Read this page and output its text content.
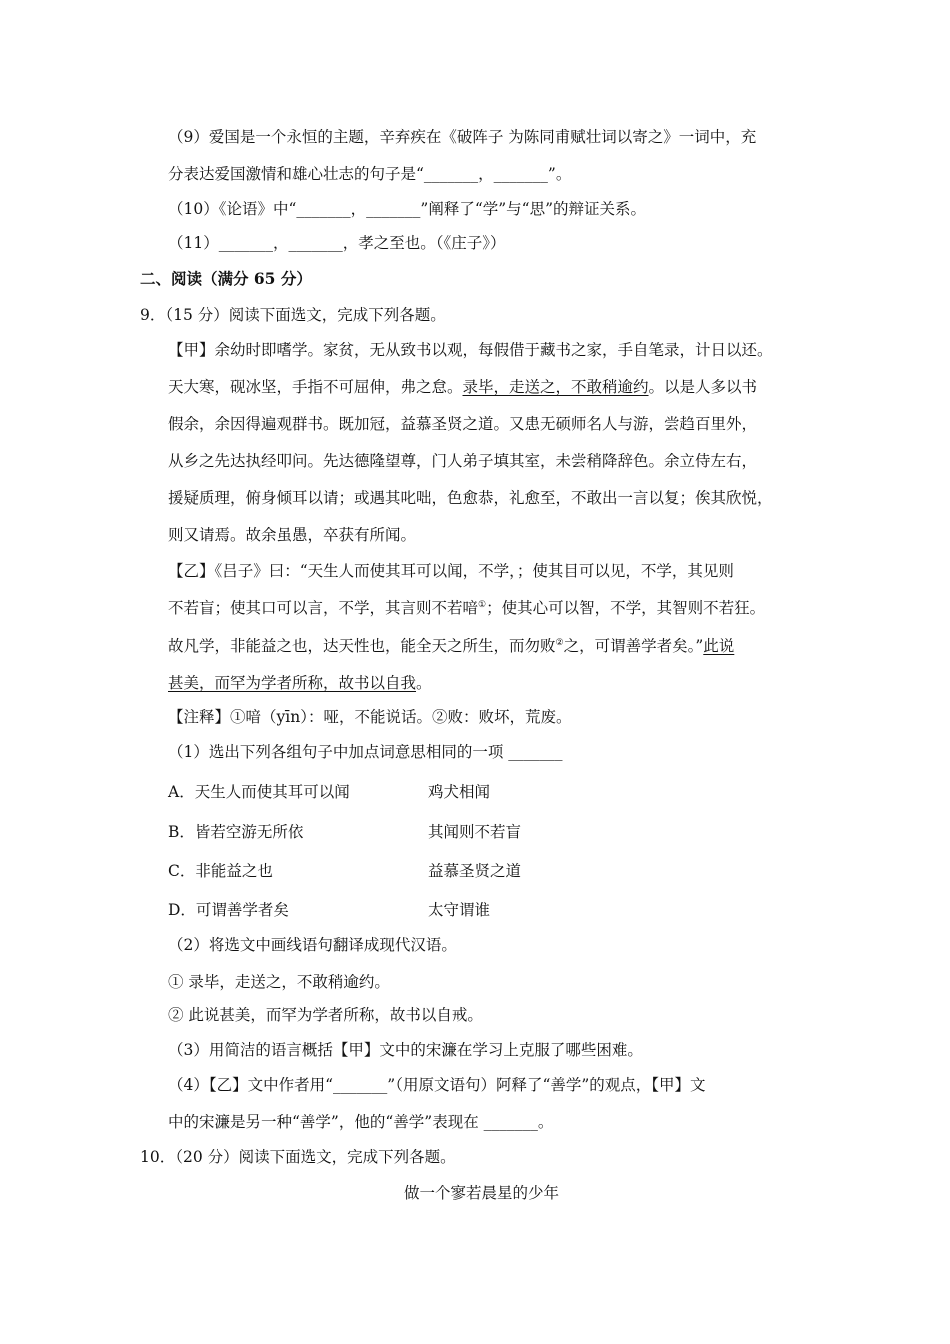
（9）爱国是一个永恒的主题，辛弃疾在《破阵子 为陈同甫赋壮词以寄之》一词中，充
分表达爱国激情和雄心壮志的句子是“_______，_______”。
（10）《论语》中“_______，_______”阐释了“学”与“思”的辩证关系。
（11）_______，_______，孝之至也。（《庄子》）
二、阅读（满分 65 分）
9．（15 分）阅读下面选文，完成下列各题。
【甲】余幼时即嗜学。家贫，无从致书以观，每假借于藏书之家，手自笔录，计日以还。
天大寒，砚冰坚，手指不可屈伸，弗之怠。录毕，走送之，不敢稍逾约。以是人多以书
假余，余因得遍观群书。既加冠，益慕圣贤之道。又患无硕师名人与游，尝趋百里外，
从乡之先达执经叩问。先达德隆望尊，门人弟子填其室，未尝稍降辞色。余立侍左右，
援疑质理，俯身倾耳以请；或遇其叱咄，色愈恭，礼愈至，不敢出一言以复；俟其欣悦，
则又请焉。故余虽愚，卒获有所闻。
【乙】《吕子》曰：“天生人而使其耳可以闻，不学，；使其目可以见，不学，其见则
不若盲；使其口可以言，不学，其言则不若喑①；使其心可以智，不学，其智则不若狂。
故凡学，非能益之也，达天性也，能全天之所生，而勿败②之，可谓善学者矣。”此说
甚美，而罕为学者所称，故书以自我。
【注释】①喑（yīn）：哑，不能说话。②败：败坏，荒废。
（1）选出下列各组句子中加点词意思相同的一项 _______
A．天生人而使其耳可以闻	鸡犬相闻
B．皆若空游无所依	其闻则不若盲
C．非能益之也	益慕圣贤之道
D．可谓善学者矣	太守谓谁
（2）将选文中画线语句翻译成现代汉语。
① 录毕，走送之，不敢稍逾约。
② 此说甚美，而罕为学者所称，故书以自戒。
（3）用简洁的语言概括【甲】文中的宋濂在学习上克服了哪些困难。
（4）【乙】文中作者用“_______”（用原文语句）阿释了“善学”的观点，【甲】文
中的宋濂是另一种“善学”，他的“善学”表现在 _______。
10．（20 分）阅读下面选文，完成下列各题。
做一个寥若晨星的少年
